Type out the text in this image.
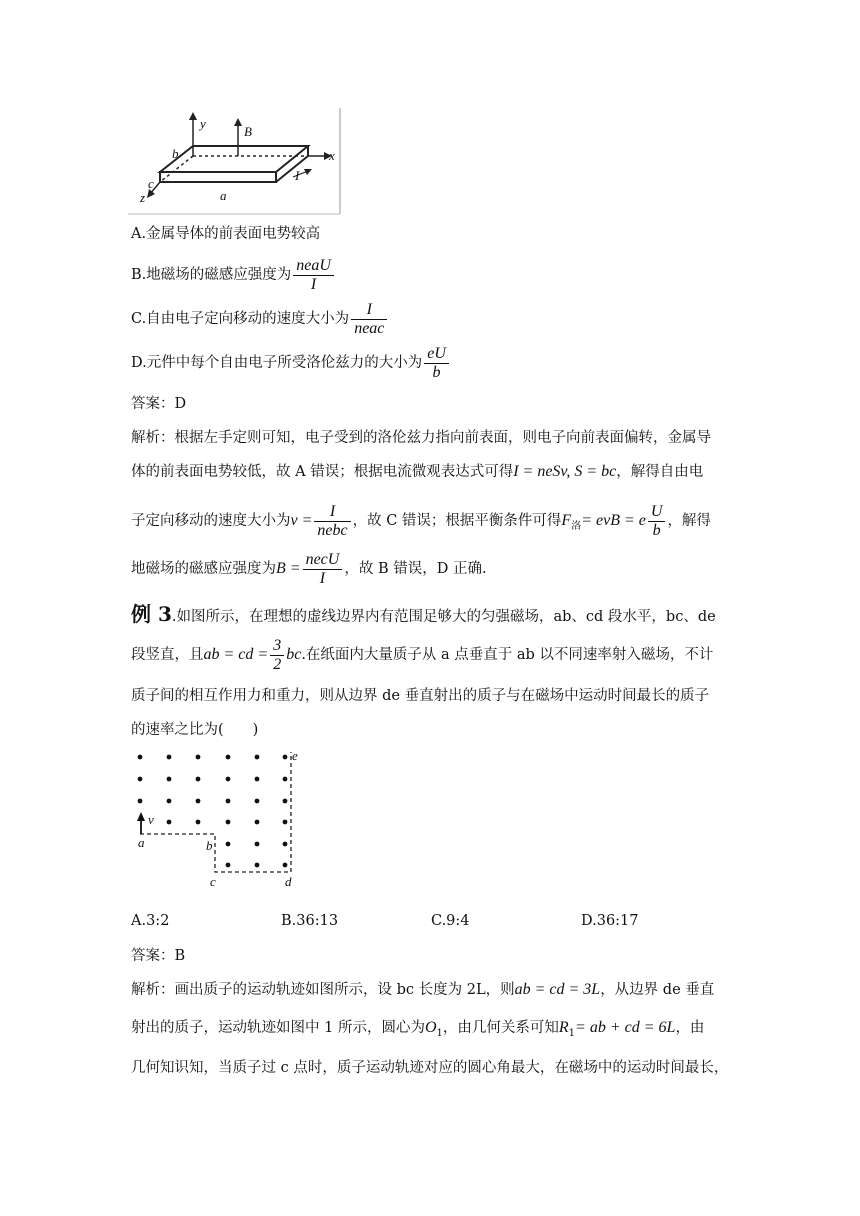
y
B
x
b
c
z	a
I
A.金属导体的前表面电势较高
B.地磁场的磁感应强度为 $\frac{\text{neaU}}{I}$
C.自由电子定向移动的速度大小为 $\frac{I}{\text{neac}}$
D.元件中每个自由电子所受洛伦兹力的大小为 $\frac{eU}{b}$
答案：D
解析：根据左手定则可知，电子受到的洛伦兹力指向前表面，则电子向前表面偏转，金属导
体的前表面电势较低，故 A 错误；根据电流微观表达式可得I = neSv, S = bc，解得自由电
子定向移动的速度大小为$v = \frac{I}{\text{nebc}}$ ，故 C 错误；根据平衡条件可得$F_洛=$ evB = e $\frac{U}{b}$ ，解得
地磁场的磁感应强度为$B = \frac{\text{necU}}{I}$ ，故 B 错误，D 正确.
例 3.如图所示，在理想的虚线边界内有范围足够大的匀强磁场，ab、cd 段水平，bc、de
段竖直，且ab = cd = $\frac{3}{2}$ bc.在纸面内大量质子从 a 点垂直于 ab 以不同速率射入磁场，不计
质子间的相互作用力和重力，则从边界 de 垂直射出的质子与在磁场中运动时间最长的质子
的速率之比为(　　)
e
v
a	b
c	d
A.3:2	B.36:13	C.9:4	D.36:17
答案：B
解析：画出质子的运动轨迹如图所示，设 bc 长度为 2L，则ab = cd = 3L，从边界 de 垂直
射出的质子，运动轨迹如图中 1 所示，圆心为$O_1$，由几何关系可知$R_1=$ ab + cd = 6L，由
几何知识知，当质子过 c 点时，质子运动轨迹对应的圆心角最大，在磁场中的运动时间最长，
